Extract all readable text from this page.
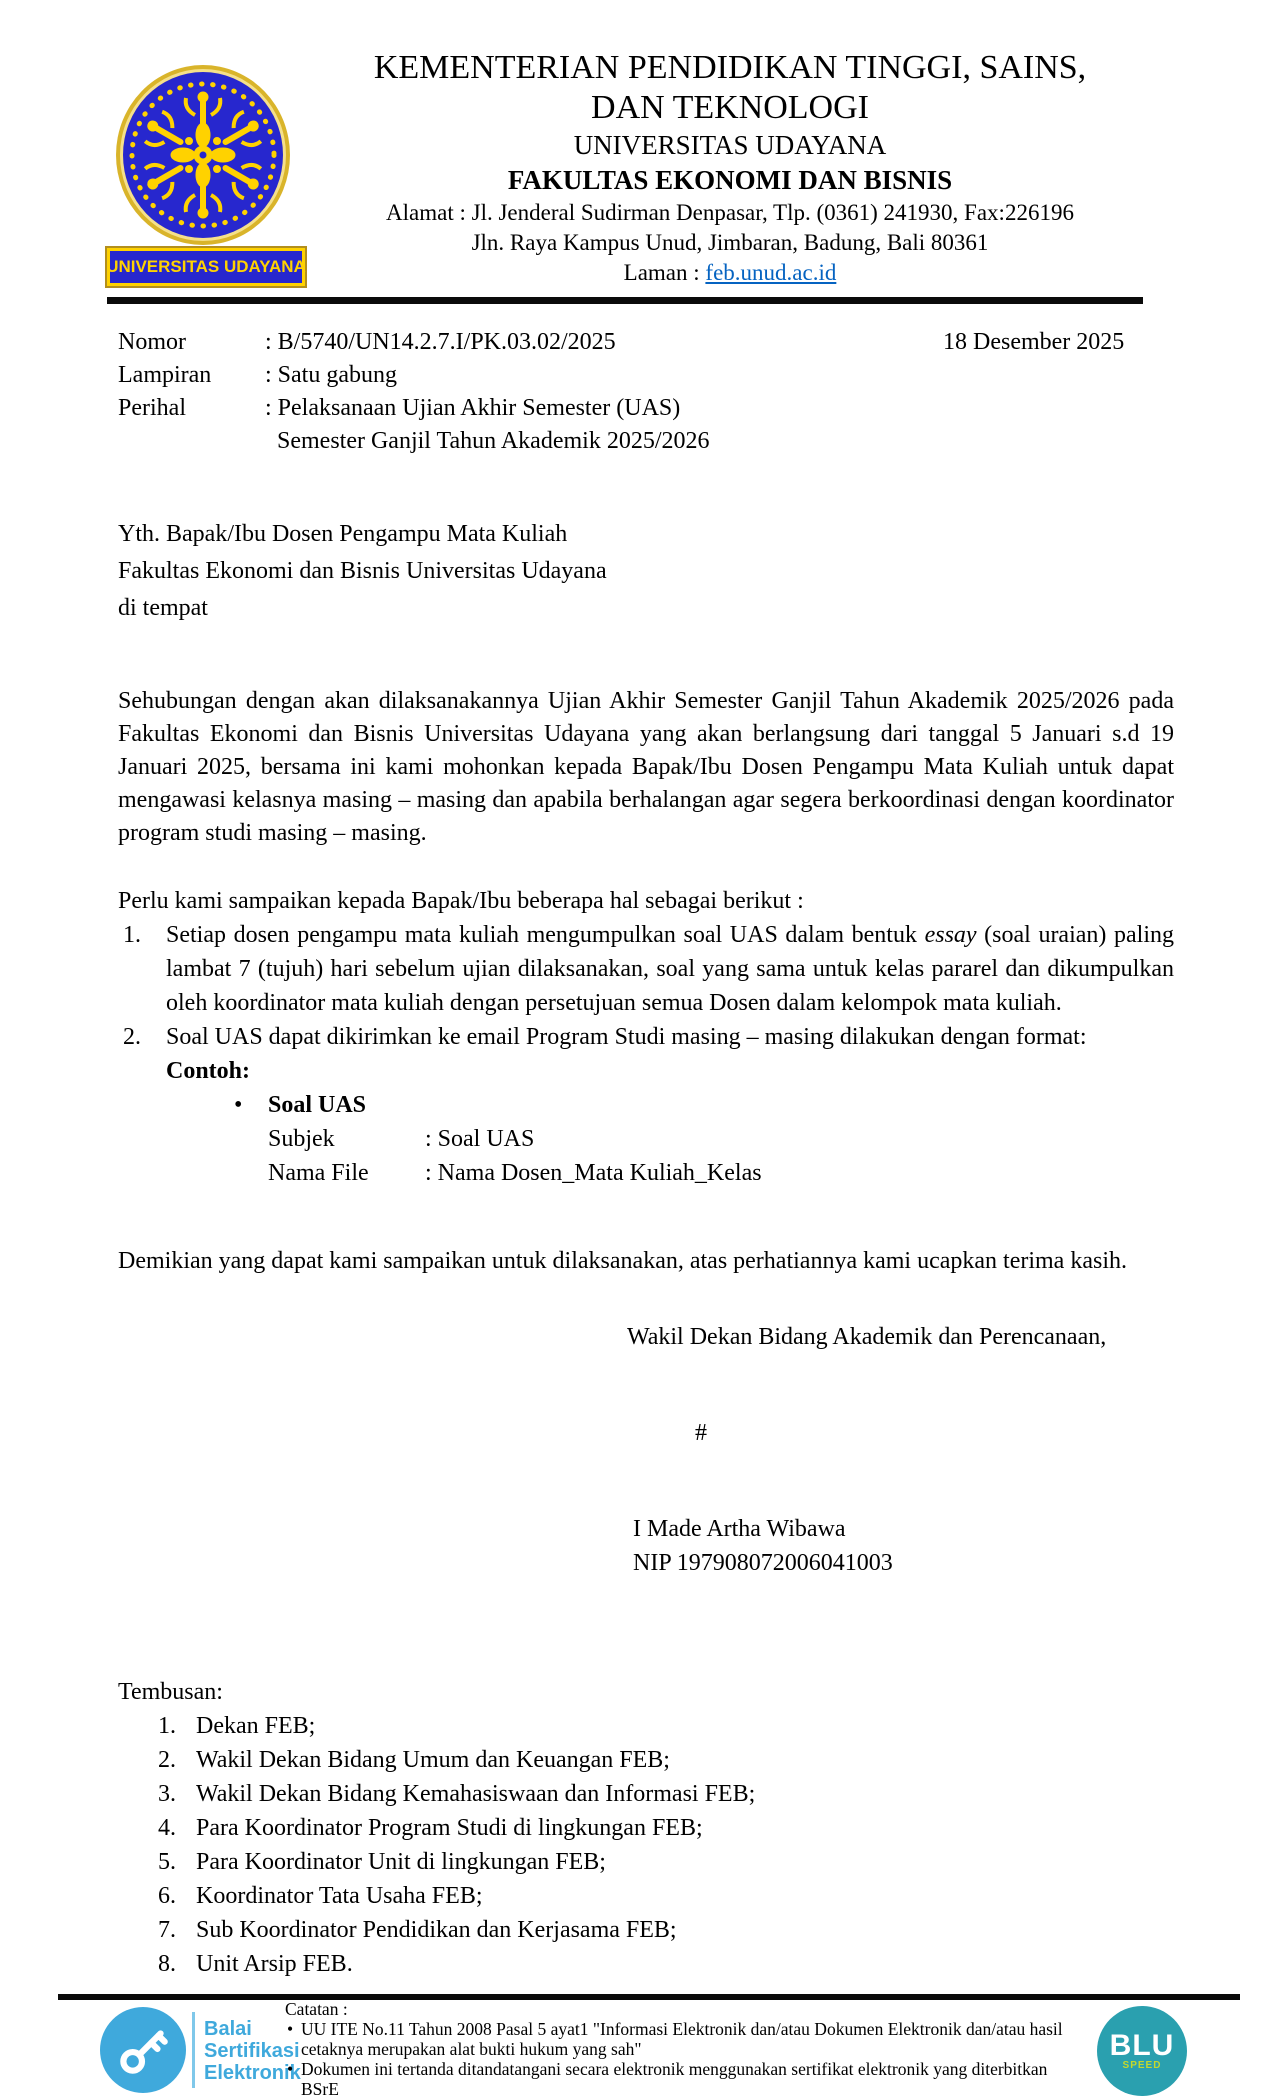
UNIVERSITAS UDAYANA
KEMENTERIAN PENDIDIKAN TINGGI, SAINS,
DAN TEKNOLOGI
UNIVERSITAS UDAYANA
FAKULTAS EKONOMI DAN BISNIS
Alamat : Jl. Jenderal Sudirman Denpasar, Tlp. (0361) 241930, Fax:226196
Jln. Raya Kampus Unud, Jimbaran, Badung, Bali 80361
Laman : feb.unud.ac.id
Nomor	: B/5740/UN14.2.7.I/PK.03.02/2025
Lampiran	: Satu gabung
Perihal	: Pelaksanaan Ujian Akhir Semester (UAS)
Semester Ganjil Tahun Akademik 2025/2026
18 Desember 2025
Yth. Bapak/Ibu Dosen Pengampu Mata Kuliah
Fakultas Ekonomi dan Bisnis Universitas Udayana
di tempat
Sehubungan dengan akan dilaksanakannya Ujian Akhir Semester Ganjil Tahun Akademik 2025/2026 pada Fakultas Ekonomi dan Bisnis Universitas Udayana yang akan berlangsung dari tanggal 5 Januari s.d 19 Januari 2025, bersama ini kami mohonkan kepada Bapak/Ibu Dosen Pengampu Mata Kuliah untuk dapat mengawasi kelasnya masing – masing dan apabila berhalangan agar segera berkoordinasi dengan koordinator program studi masing – masing.
Perlu kami sampaikan kepada Bapak/Ibu beberapa hal sebagai berikut :
Setiap dosen pengampu mata kuliah mengumpulkan soal UAS dalam bentuk essay (soal uraian) paling lambat 7 (tujuh) hari sebelum ujian dilaksanakan, soal yang sama untuk kelas pararel dan dikumpulkan oleh koordinator mata kuliah dengan persetujuan semua Dosen dalam kelompok mata kuliah.
Soal UAS dapat dikirimkan ke email Program Studi masing – masing dilakukan dengan format:
Contoh:
• Soal UAS
Subjek	: Soal UAS
Nama File	: Nama Dosen_Mata Kuliah_Kelas
Demikian yang dapat kami sampaikan untuk dilaksanakan, atas perhatiannya kami ucapkan terima kasih.
Wakil Dekan Bidang Akademik dan Perencanaan,
#
I Made Artha Wibawa
NIP 197908072006041003
Tembusan:
Dekan FEB;
Wakil Dekan Bidang Umum dan Keuangan FEB;
Wakil Dekan Bidang Kemahasiswaan dan Informasi FEB;
Para Koordinator Program Studi di lingkungan FEB;
Para Koordinator Unit di lingkungan FEB;
Koordinator Tata Usaha FEB;
Sub Koordinator Pendidikan dan Kerjasama FEB;
Unit Arsip FEB.
Balai
Sertifikasi
Elektronik
Catatan :
• UU ITE No.11 Tahun 2008 Pasal 5 ayat1 "Informasi Elektronik dan/atau Dokumen Elektronik dan/atau hasil cetaknya merupakan alat bukti hukum yang sah"
• Dokumen ini tertanda ditandatangani secara elektronik menggunakan sertifikat elektronik yang diterbitkan BSrE
BLU
SPEED
